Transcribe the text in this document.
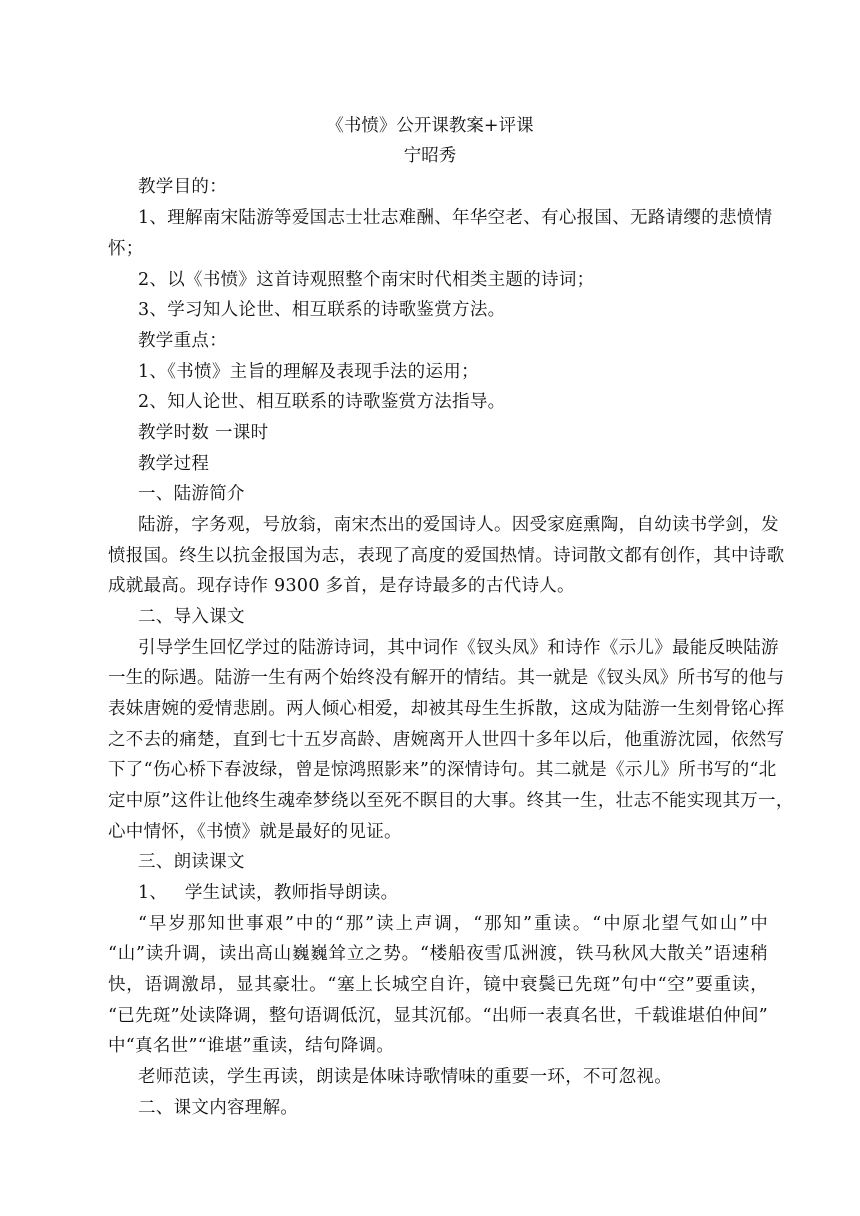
《书愤》公开课教案+评课
宁昭秀
教学目的：
1、理解南宋陆游等爱国志士壮志难酬、年华空老、有心报国、无路请缨的悲愤情
怀；
2、以《书愤》这首诗观照整个南宋时代相类主题的诗词；
3、学习知人论世、相互联系的诗歌鉴赏方法。
教学重点：
1、《书愤》主旨的理解及表现手法的运用；
2、知人论世、相互联系的诗歌鉴赏方法指导。
教学时数 一课时
教学过程
一、陆游简介
陆游，字务观，号放翁，南宋杰出的爱国诗人。因受家庭熏陶，自幼读书学剑，发
愤报国。终生以抗金报国为志，表现了高度的爱国热情。诗词散文都有创作，其中诗歌
成就最高。现存诗作 9300 多首，是存诗最多的古代诗人。
二、导入课文
引导学生回忆学过的陆游诗词，其中词作《钗头凤》和诗作《示儿》最能反映陆游
一生的际遇。陆游一生有两个始终没有解开的情结。其一就是《钗头凤》所书写的他与
表妹唐婉的爱情悲剧。两人倾心相爱，却被其母生生拆散，这成为陆游一生刻骨铭心挥
之不去的痛楚，直到七十五岁高龄、唐婉离开人世四十多年以后，他重游沈园，依然写
下了“伤心桥下春波绿，曾是惊鸿照影来”的深情诗句。其二就是《示儿》所书写的“北
定中原”这件让他终生魂牵梦绕以至死不瞑目的大事。终其一生，壮志不能实现其万一，
心中情怀，《书愤》就是最好的见证。
三、朗读课文
1、   学生试读，教师指导朗读。
“早岁那知世事艰”中的“那”读上声调，“那知”重读。“中原北望气如山”中
“山”读升调，读出高山巍巍耸立之势。“楼船夜雪瓜洲渡，铁马秋风大散关”语速稍
快，语调激昂，显其豪壮。“塞上长城空自许，镜中衰鬓已先斑”句中“空”要重读，
“已先斑”处读降调，整句语调低沉，显其沉郁。“出师一表真名世，千载谁堪伯仲间”
中“真名世”“谁堪”重读，结句降调。
老师范读，学生再读，朗读是体味诗歌情味的重要一环，不可忽视。
二、课文内容理解。
